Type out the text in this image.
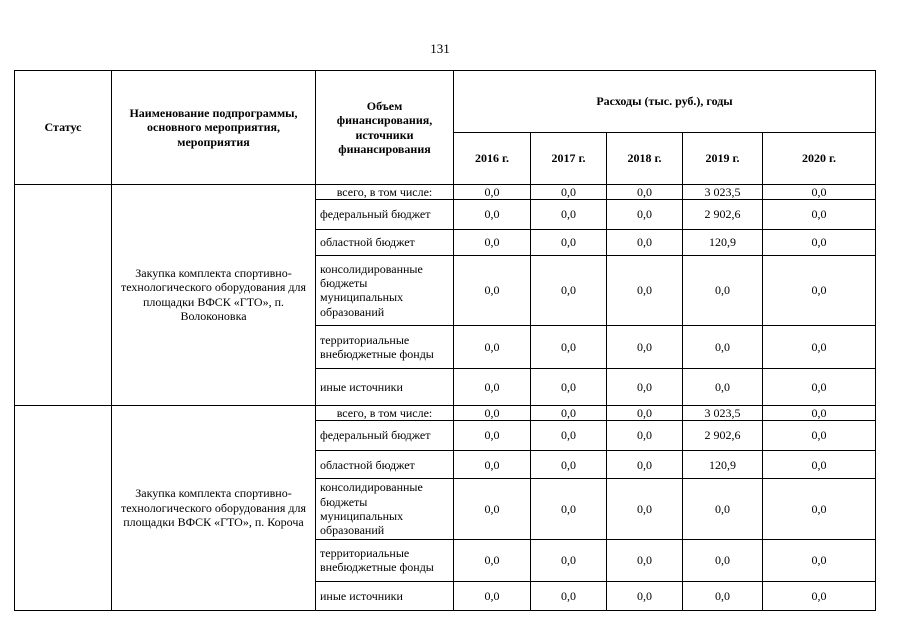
131
Статус	Наименование подпрограммы, основного мероприятия, мероприятия	Объем финансирования, источники финансирования	Расходы (тыс. руб.), годы				
			2016 г.	2017 г.	2018 г.	2019 г.	2020 г.
	Закупка комплекта спортивно-технологического оборудования для площадки ВФСК «ГТО», п. Волоконовка	всего, в том числе:	0,0	0,0	0,0	3 023,5	0,0
		федеральный бюджет	0,0	0,0	0,0	2 902,6	0,0
		областной бюджет	0,0	0,0	0,0	120,9	0,0
		консолидированные бюджеты муниципальных образований	0,0	0,0	0,0	0,0	0,0
		территориальные внебюджетные фонды	0,0	0,0	0,0	0,0	0,0
		иные источники	0,0	0,0	0,0	0,0	0,0
	Закупка комплекта спортивно-технологического оборудования для площадки ВФСК «ГТО», п. Короча	всего, в том числе:	0,0	0,0	0,0	3 023,5	0,0
		федеральный бюджет	0,0	0,0	0,0	2 902,6	0,0
		областной бюджет	0,0	0,0	0,0	120,9	0,0
		консолидированные бюджеты муниципальных образований	0,0	0,0	0,0	0,0	0,0
		территориальные внебюджетные фонды	0,0	0,0	0,0	0,0	0,0
		иные источники	0,0	0,0	0,0	0,0	0,0
